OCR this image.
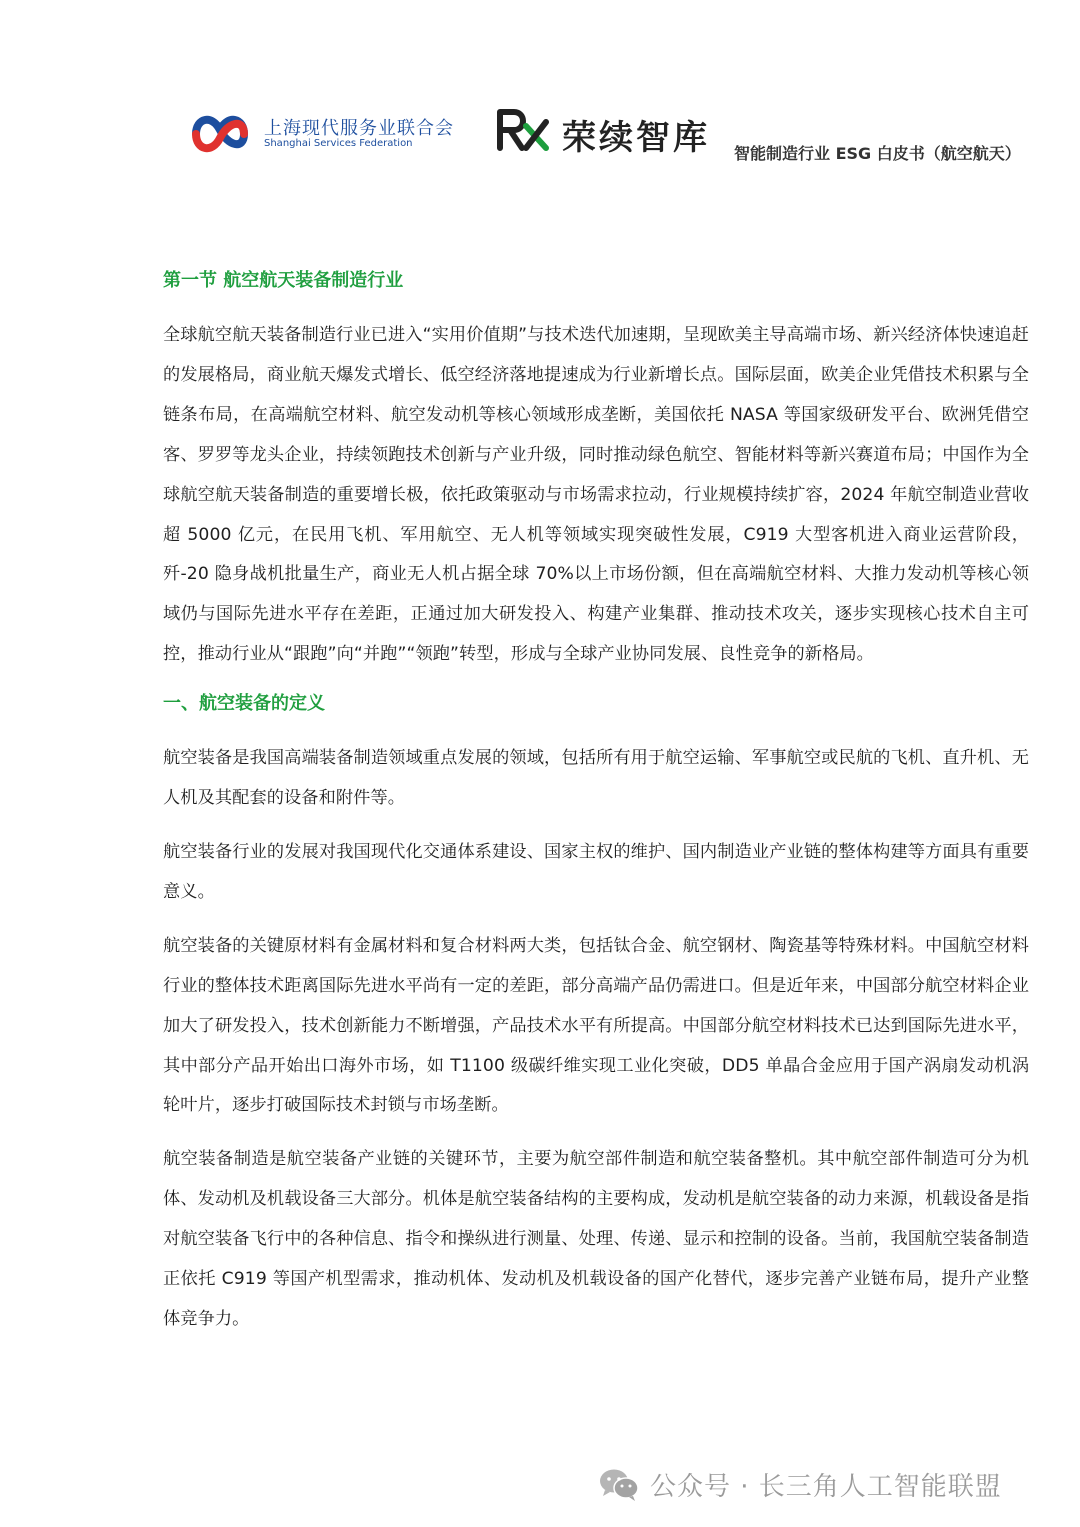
上海现代服务业联合会
Shanghai Services Federation	荣续智库 智能制造行业 ESG 白皮书（航空航天）
第一节 航空航天装备制造行业

全球航空航天装备制造行业已进入“实用价值期”与技术迭代加速期，呈现欧美主导高端市场、新兴经济体快速追赶的发展格局，商业航天爆发式增长、低空经济落地提速成为行业新增长点。国际层面，欧美企业凭借技术积累与全链条布局，在高端航空材料、航空发动机等核心领域形成垄断，美国依托 NASA 等国家级研发平台、欧洲凭借空客、罗罗等龙头企业，持续领跑技术创新与产业升级，同时推动绿色航空、智能材料等新兴赛道布局；中国作为全球航空航天装备制造的重要增长极，依托政策驱动与市场需求拉动，行业规模持续扩容，2024 年航空制造业营收超 5000 亿元，在民用飞机、军用航空、无人机等领域实现突破性发展，C919 大型客机进入商业运营阶段，歼-20 隐身战机批量生产，商业无人机占据全球 70%以上市场份额，但在高端航空材料、大推力发动机等核心领域仍与国际先进水平存在差距，正通过加大研发投入、构建产业集群、推动技术攻关，逐步实现核心技术自主可控，推动行业从“跟跑”向“并跑”“领跑”转型，形成与全球产业协同发展、良性竞争的新格局。

一、航空装备的定义

航空装备是我国高端装备制造领域重点发展的领域，包括所有用于航空运输、军事航空或民航的飞机、直升机、无人机及其配套的设备和附件等。

航空装备行业的发展对我国现代化交通体系建设、国家主权的维护、国内制造业产业链的整体构建等方面具有重要意义。

航空装备的关键原材料有金属材料和复合材料两大类，包括钛合金、航空钢材、陶瓷基等特殊材料。中国航空材料行业的整体技术距离国际先进水平尚有一定的差距，部分高端产品仍需进口。但是近年来，中国部分航空材料企业加大了研发投入，技术创新能力不断增强，产品技术水平有所提高。中国部分航空材料技术已达到国际先进水平，其中部分产品开始出口海外市场，如 T1100 级碳纤维实现工业化突破，DD5 单晶合金应用于国产涡扇发动机涡轮叶片，逐步打破国际技术封锁与市场垄断。

航空装备制造是航空装备产业链的关键环节，主要为航空部件制造和航空装备整机。其中航空部件制造可分为机体、发动机及机载设备三大部分。机体是航空装备结构的主要构成，发动机是航空装备的动力来源，机载设备是指对航空装备飞行中的各种信息、指令和操纵进行测量、处理、传递、显示和控制的设备。当前，我国航空装备制造正依托 C919 等国产机型需求，推动机体、发动机及机载设备的国产化替代，逐步完善产业链布局，提升产业整体竞争力。

公众号 · 长三角人工智能联盟
